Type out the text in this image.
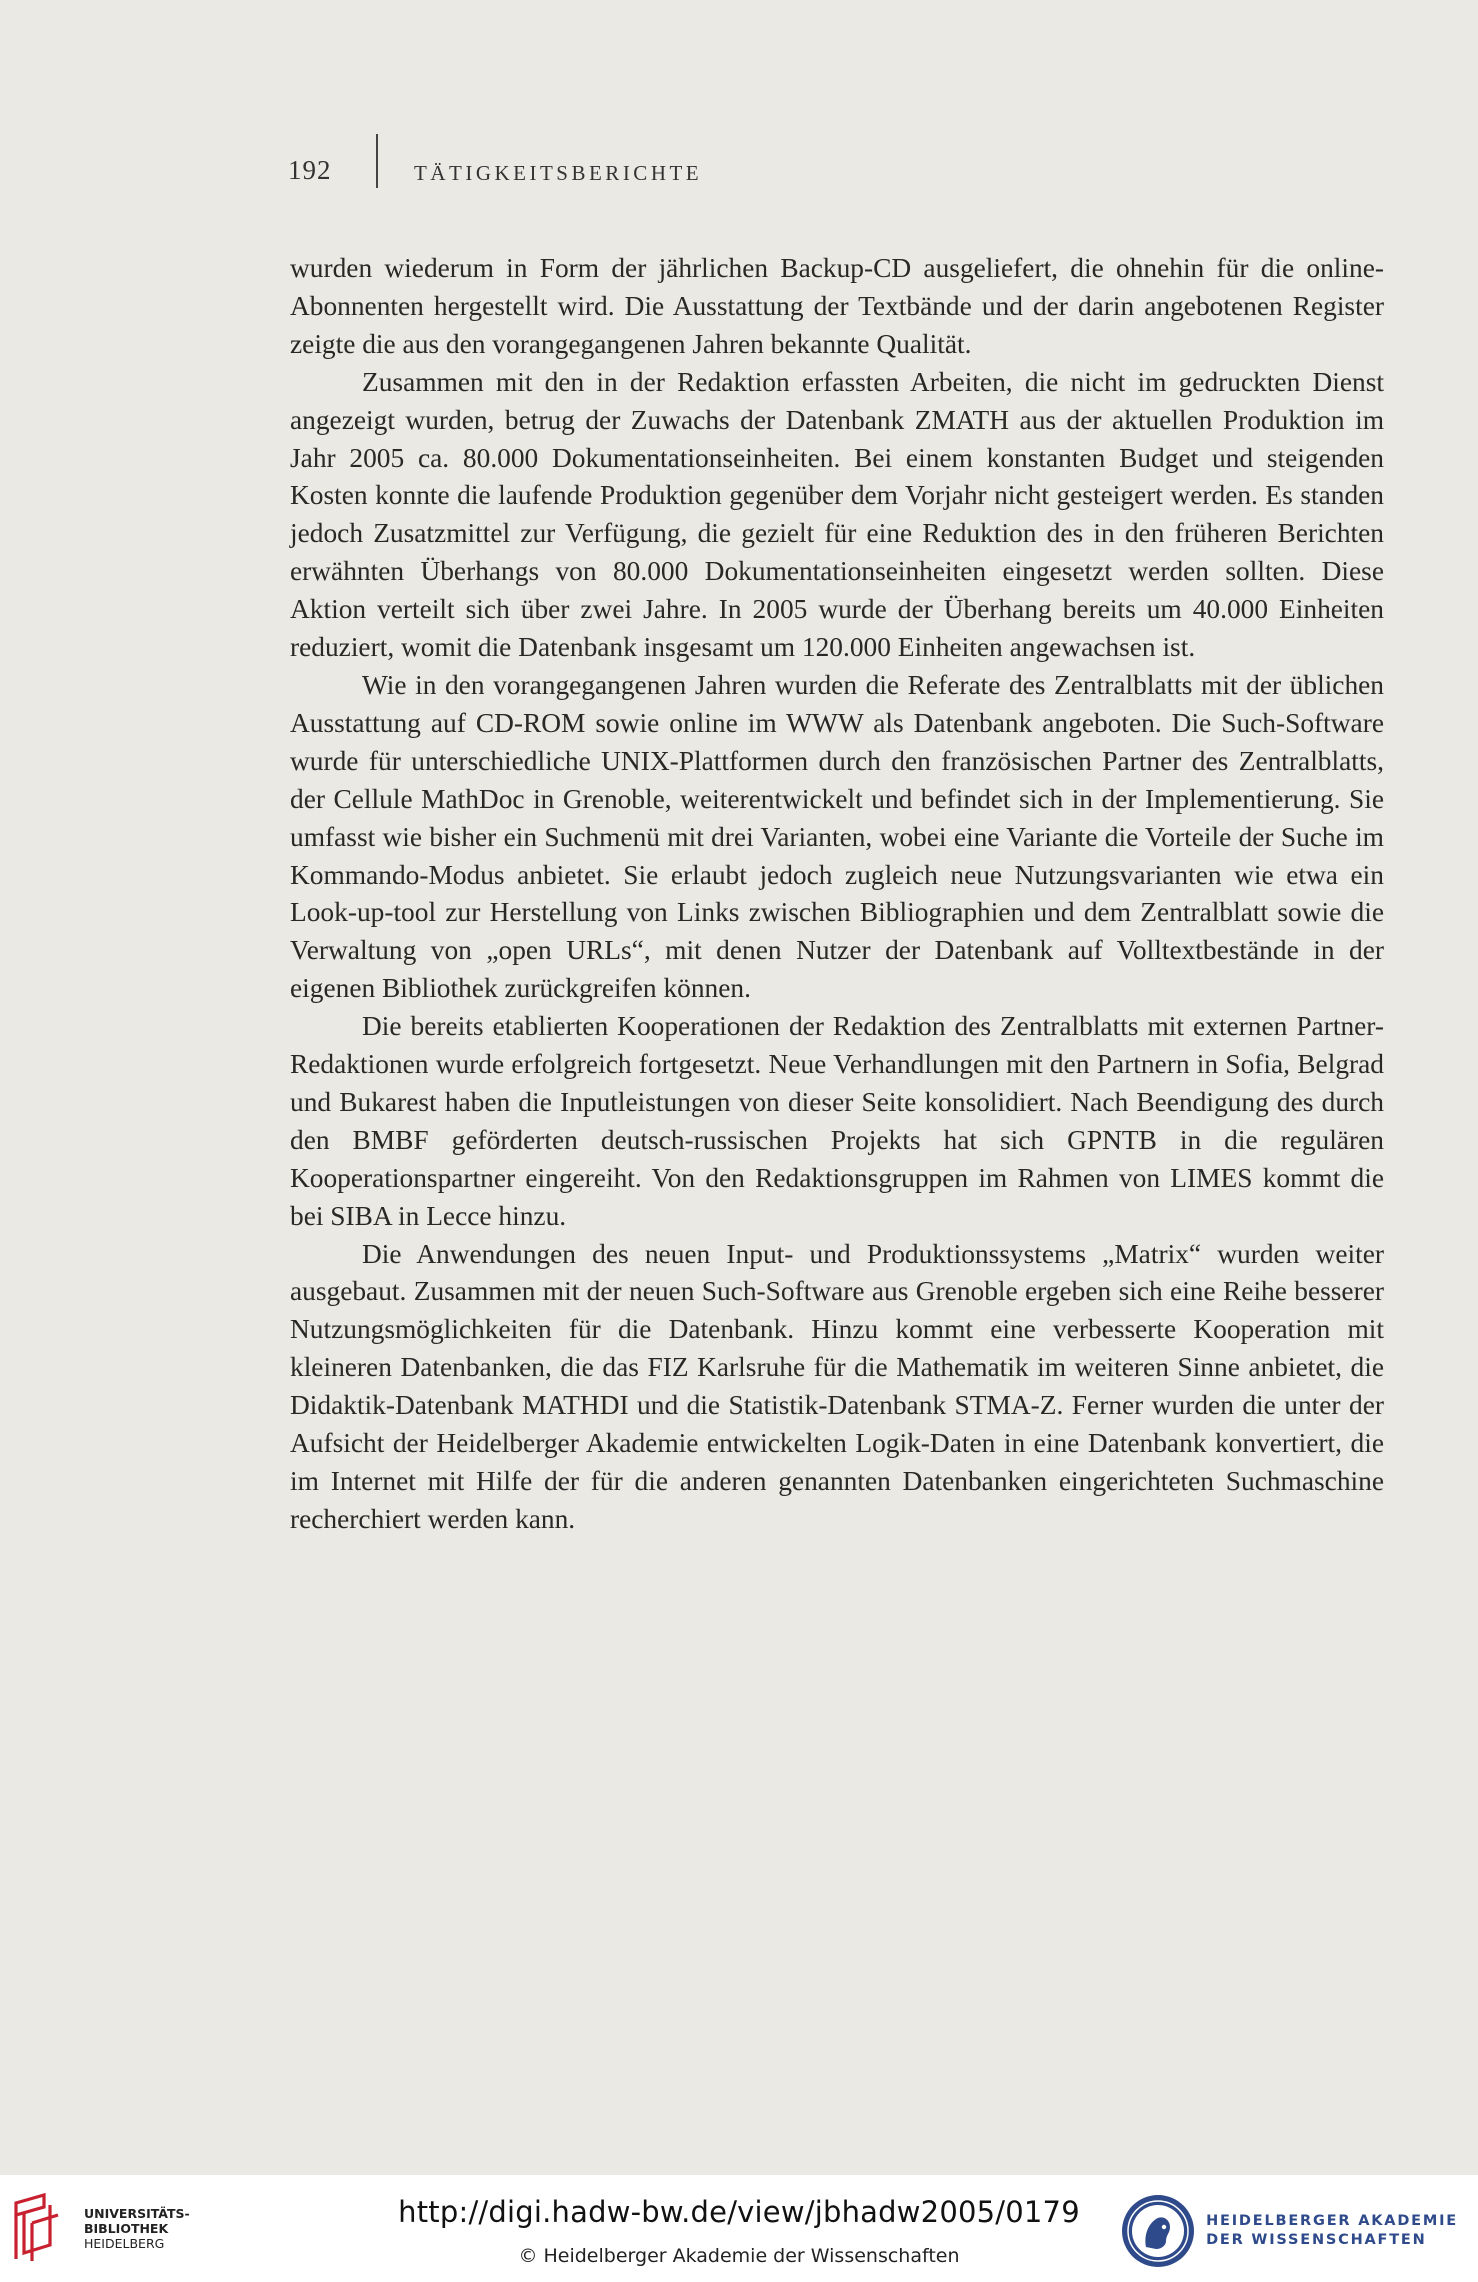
192	TÄTIGKEITSBERICHTE

wurden wiederum in Form der jährlichen Backup-CD ausgeliefert, die ohnehin für die online-Abonnenten hergestellt wird. Die Ausstattung der Textbände und der darin angebotenen Register zeigte die aus den vorangegangenen Jahren bekannte Qualität.

Zusammen mit den in der Redaktion erfassten Arbeiten, die nicht im gedruckten Dienst angezeigt wurden, betrug der Zuwachs der Datenbank ZMATH aus der aktuellen Produktion im Jahr 2005 ca. 80.000 Dokumentationseinheiten. Bei einem konstanten Budget und steigenden Kosten konnte die laufende Produktion gegenüber dem Vorjahr nicht gesteigert werden. Es standen jedoch Zusatzmittel zur Verfügung, die gezielt für eine Reduktion des in den früheren Berichten erwähnten Überhangs von 80.000 Dokumentationseinheiten eingesetzt werden sollten. Diese Aktion verteilt sich über zwei Jahre. In 2005 wurde der Überhang bereits um 40.000 Einheiten reduziert, womit die Datenbank insgesamt um 120.000 Einheiten angewachsen ist.

Wie in den vorangegangenen Jahren wurden die Referate des Zentralblatts mit der üblichen Ausstattung auf CD-ROM sowie online im WWW als Datenbank angeboten. Die Such-Software wurde für unterschiedliche UNIX-Plattformen durch den französischen Partner des Zentralblatts, der Cellule MathDoc in Grenoble, weiterentwickelt und befindet sich in der Implementierung. Sie umfasst wie bisher ein Suchmenü mit drei Varianten, wobei eine Variante die Vorteile der Suche im Kommando-Modus anbietet. Sie erlaubt jedoch zugleich neue Nutzungsvarianten wie etwa ein Look-up-tool zur Herstellung von Links zwischen Bibliographien und dem Zentralblatt sowie die Verwaltung von „open URLs“, mit denen Nutzer der Datenbank auf Volltextbestände in der eigenen Bibliothek zurückgreifen können.

Die bereits etablierten Kooperationen der Redaktion des Zentralblatts mit externen Partner-Redaktionen wurde erfolgreich fortgesetzt. Neue Verhandlungen mit den Partnern in Sofia, Belgrad und Bukarest haben die Inputleistungen von dieser Seite konsolidiert. Nach Beendigung des durch den BMBF geförderten deutsch-russischen Projekts hat sich GPNTB in die regulären Kooperationspartner eingereiht. Von den Redaktionsgruppen im Rahmen von LIMES kommt die bei SIBA in Lecce hinzu.

Die Anwendungen des neuen Input- und Produktionssystems „Matrix“ wurden weiter ausgebaut. Zusammen mit der neuen Such-Software aus Grenoble ergeben sich eine Reihe besserer Nutzungsmöglichkeiten für die Datenbank. Hinzu kommt eine verbesserte Kooperation mit kleineren Datenbanken, die das FIZ Karlsruhe für die Mathematik im weiteren Sinne anbietet, die Didaktik-Datenbank MATHDI und die Statistik-Datenbank STMA-Z. Ferner wurden die unter der Aufsicht der Heidelberger Akademie entwickelten Logik-Daten in eine Datenbank konvertiert, die im Internet mit Hilfe der für die anderen genannten Datenbanken eingerichteten Suchmaschine recherchiert werden kann.

UNIVERSITÄTS-
BIBLIOTHEK
HEIDELBERG
http://digi.hadw-bw.de/view/jbhadw2005/0179
© Heidelberger Akademie der Wissenschaften
HEIDELBERGER AKADEMIE
DER WISSENSCHAFTEN
